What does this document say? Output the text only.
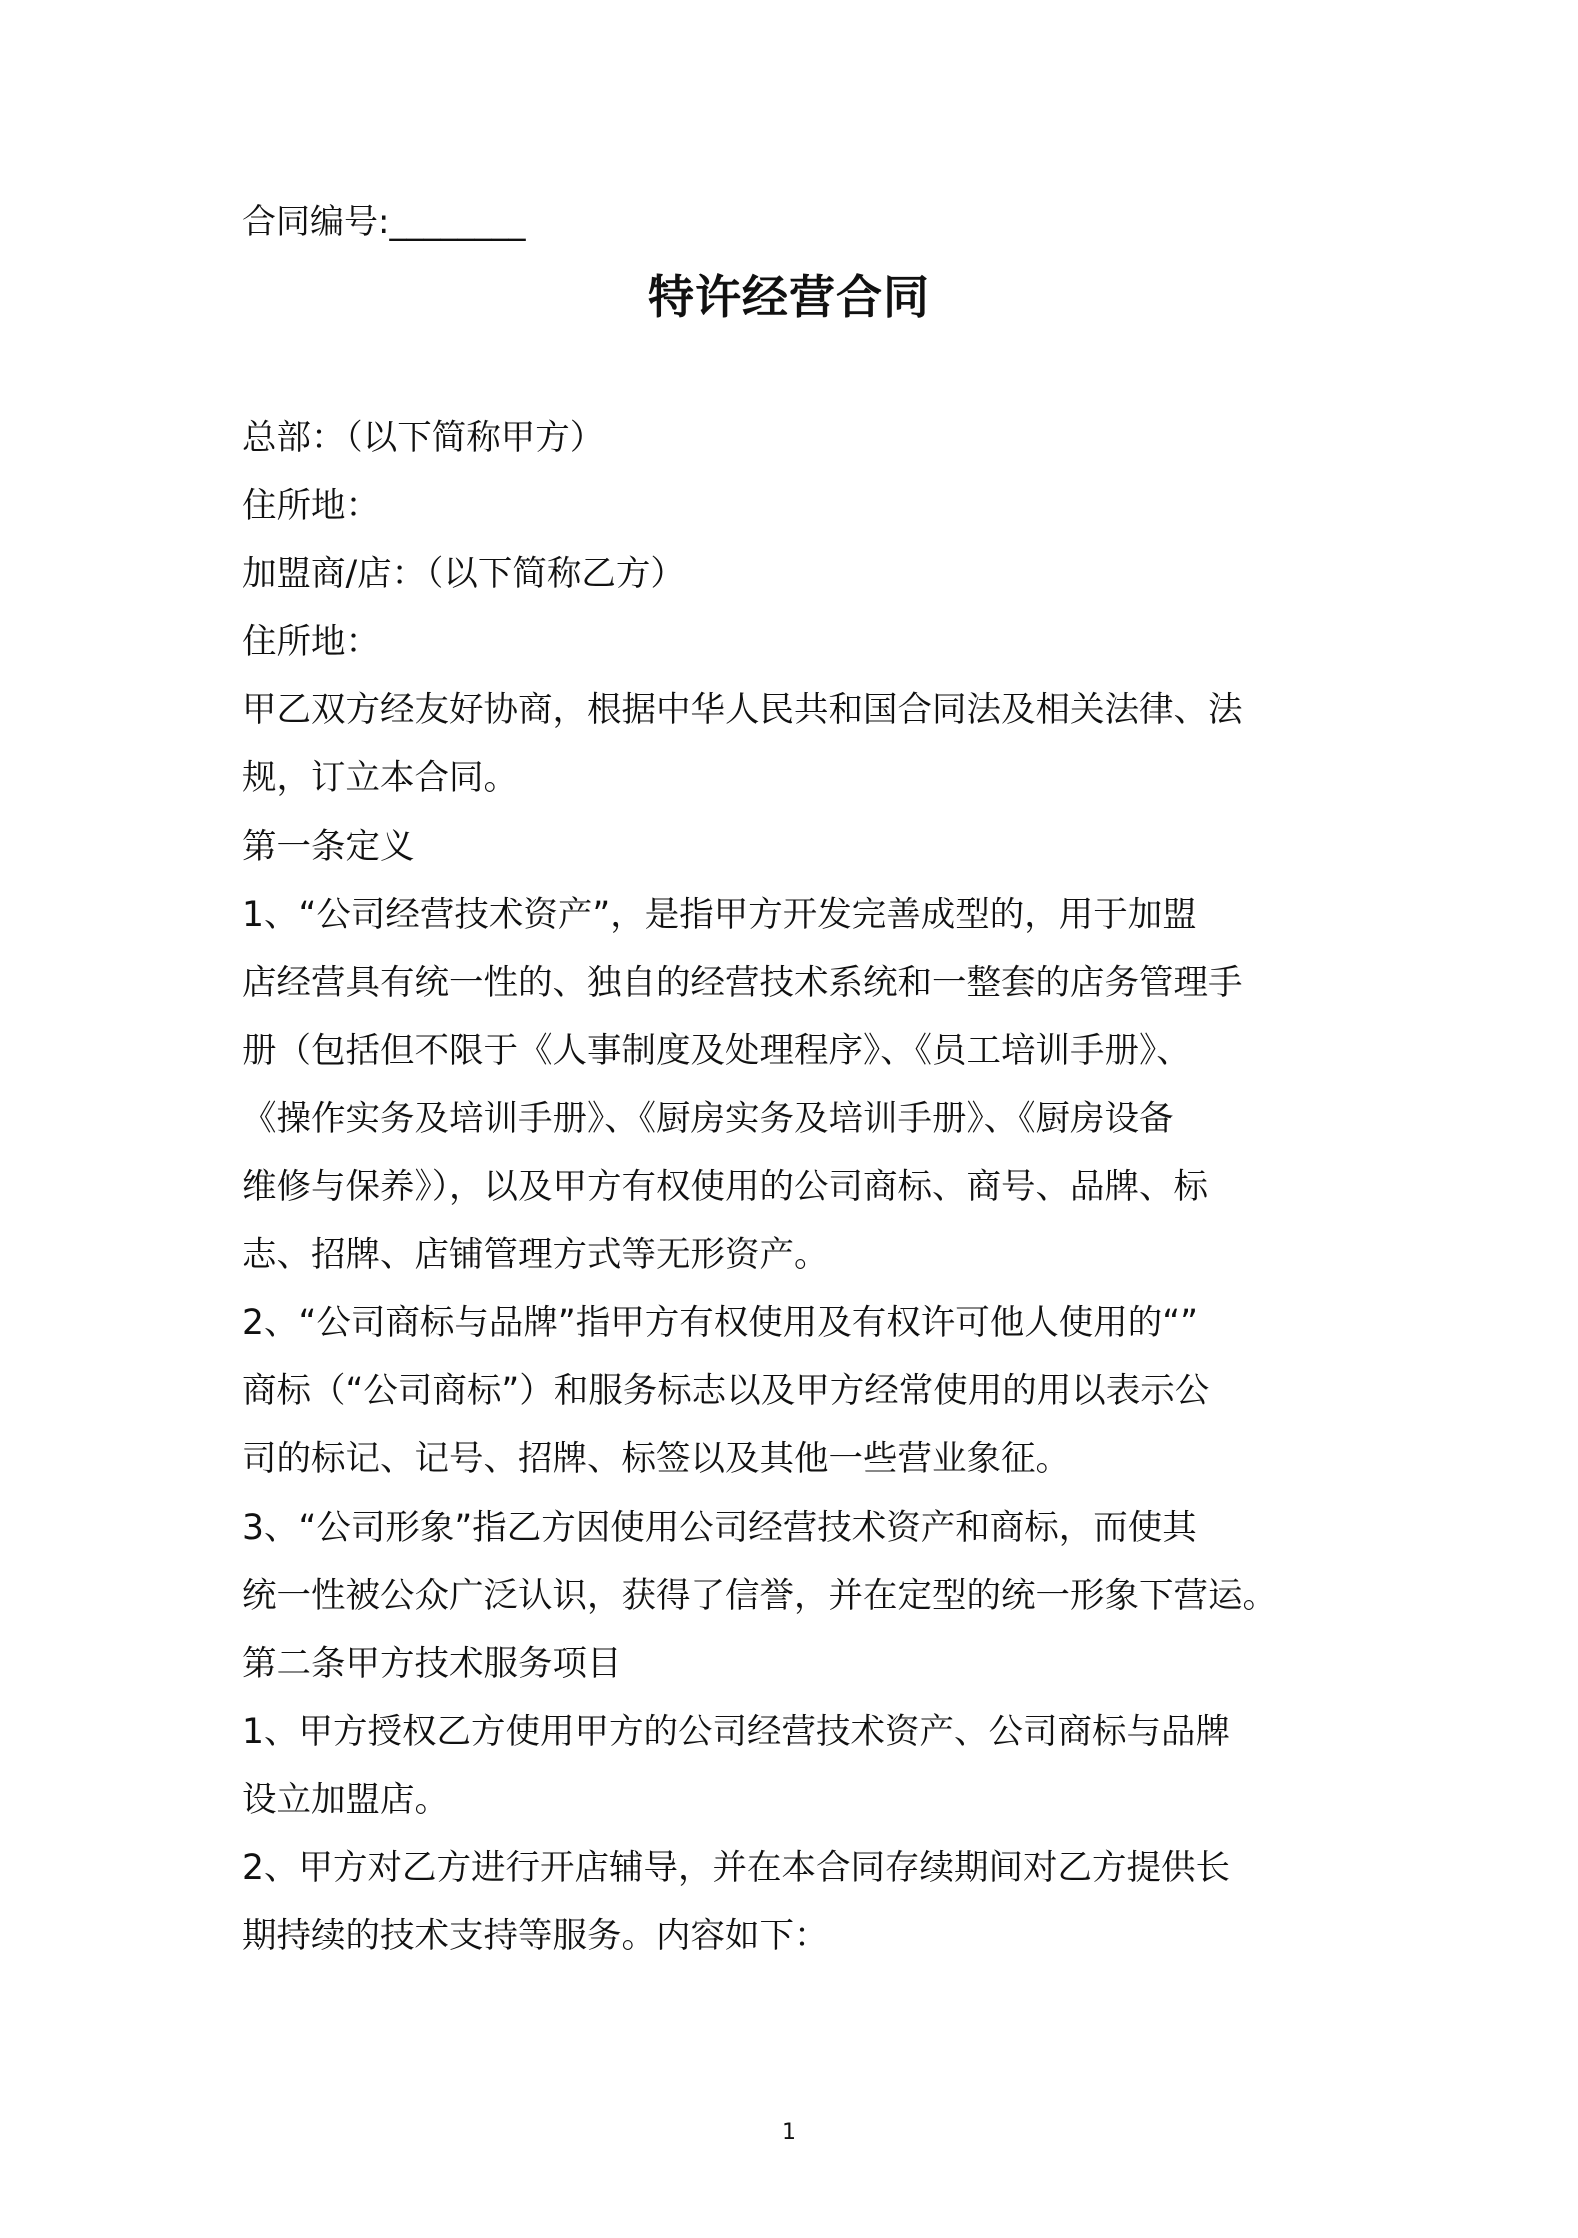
合同编号:________
特许经营合同
总部：（以下简称甲方）
住所地：
加盟商/店：（以下简称乙方）
住所地：
甲乙双方经友好协商，根据中华人民共和国合同法及相关法律、法
规，订立本合同。
第一条定义
1、“公司经营技术资产”，是指甲方开发完善成型的，用于加盟
店经营具有统一性的、独自的经营技术系统和一整套的店务管理手
册（包括但不限于《人事制度及处理程序》、《员工培训手册》、
《操作实务及培训手册》、《厨房实务及培训手册》、《厨房设备
维修与保养》），以及甲方有权使用的公司商标、商号、品牌、标
志、招牌、店铺管理方式等无形资产。
2、“公司商标与品牌”指甲方有权使用及有权许可他人使用的“”
商标（“公司商标”）和服务标志以及甲方经常使用的用以表示公
司的标记、记号、招牌、标签以及其他一些营业象征。
3、“公司形象”指乙方因使用公司经营技术资产和商标，而使其
统一性被公众广泛认识，获得了信誉，并在定型的统一形象下营运。
第二条甲方技术服务项目
1、甲方授权乙方使用甲方的公司经营技术资产、公司商标与品牌
设立加盟店。
2、甲方对乙方进行开店辅导，并在本合同存续期间对乙方提供长
期持续的技术支持等服务。内容如下：
1
